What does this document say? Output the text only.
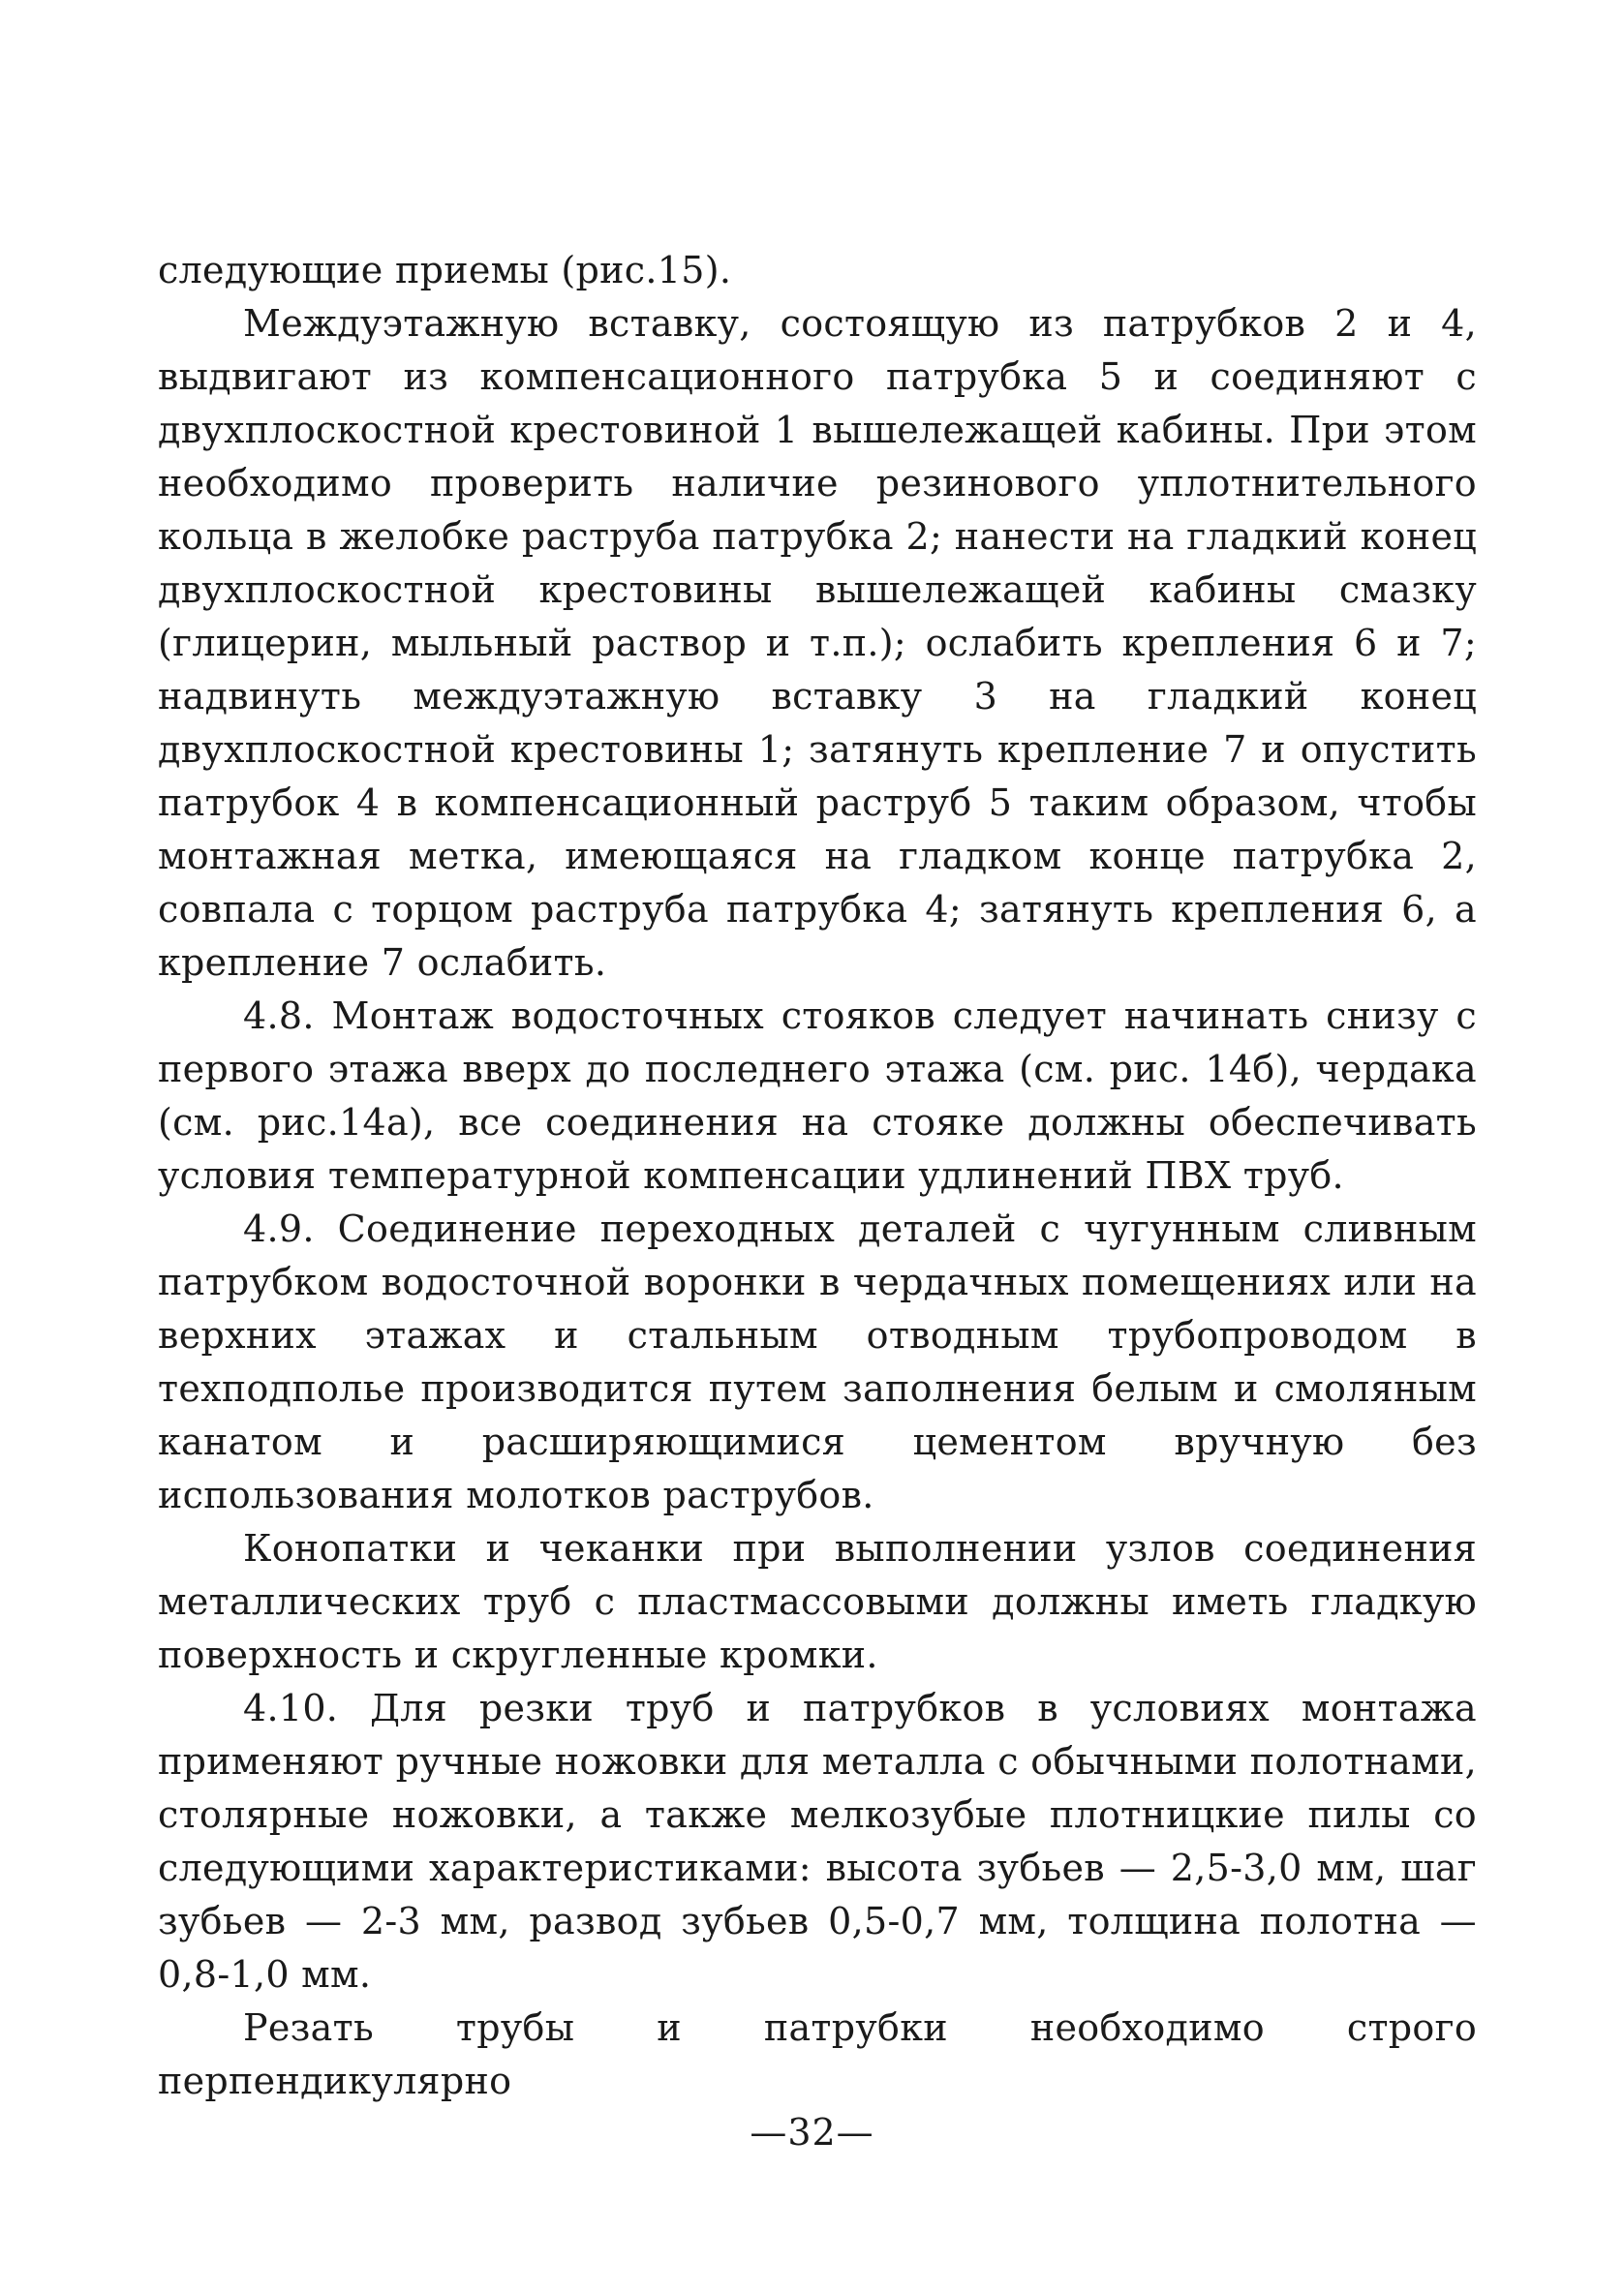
следующие приемы (рис.15).

Междуэтажную вставку, состоящую из патрубков 2 и 4, выдвигают из компенсационного патрубка 5 и соединяют с двухплоскостной крестовиной 1 вышележащей кабины. При этом необходимо проверить наличие резинового уплотнительного кольца в желобке раструба патрубка 2; нанести на гладкий конец двухплоскостной крестовины вышележащей кабины смазку (глицерин, мыльный раствор и т.п.); ослабить крепления 6 и 7; надвинуть междуэтажную вставку 3 на гладкий конец двухплоскостной крестовины 1; затянуть крепление 7 и опустить патрубок 4 в компенсационный раструб 5 таким образом, чтобы монтажная метка, имеющаяся на гладком конце патрубка 2, совпала с торцом раструба патрубка 4; затянуть крепления 6, а крепление 7 ослабить.

4.8. Монтаж водосточных стояков следует начинать снизу с первого этажа вверх до последнего этажа (см. рис. 14б), чердака (см. рис.14а), все соединения на стояке должны обеспечивать условия температурной компенсации удлинений ПВХ труб.

4.9. Соединение переходных деталей с чугунным сливным патрубком водосточной воронки в чердачных помещениях или на верхних этажах и стальным отводным трубопроводом в техподполье производится путем заполнения белым и смоляным канатом и расширяющимися цементом вручную без использования молотков раструбов.

Конопатки и чеканки при выполнении узлов соединения металлических труб с пластмассовыми должны иметь гладкую поверхность и скругленные кромки.

4.10. Для резки труб и патрубков в условиях монтажа применяют ручные ножовки для металла с обычными полотнами, столярные ножовки, а также мелкозубые плотницкие пилы со следующими характеристиками: высота зубьев — 2,5-3,0 мм, шаг зубьев — 2-3 мм, развод зубьев 0,5-0,7 мм, толщина полотна — 0,8-1,0 мм.

Резать трубы и патрубки необходимо строго перпендикулярно

—32—
